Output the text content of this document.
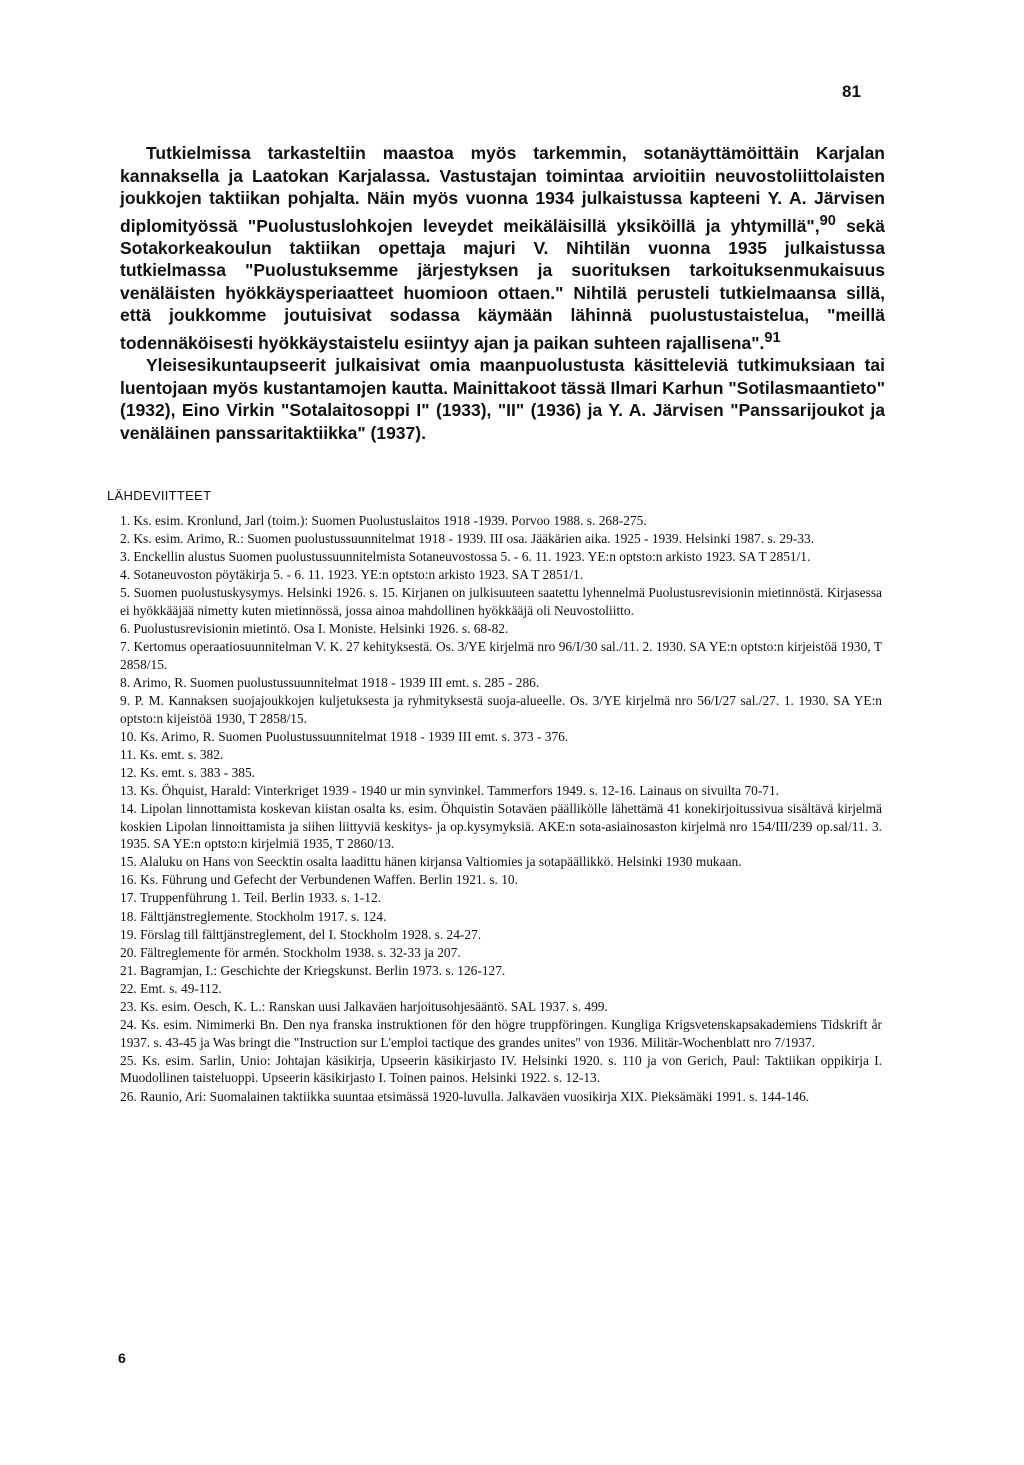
81

Tutkielmissa tarkasteltiin maastoa myös tarkemmin, sotanäyttämöittäin Karjalan kannaksella ja Laatokan Karjalassa. Vastustajan toimintaa arvioitiin neuvostoliittolaisten joukkojen taktiikan pohjalta. Näin myös vuonna 1934 julkaistussa kapteeni Y. A. Järvisen diplomityössä "Puolustuslohkojen leveydet meikäläisillä yksiköillä ja yhtymillä",$^{90}$ sekä Sotakorkeakoulun taktiikan opettaja majuri V. Nihtilän vuonna 1935 julkaistussa tutkielmassa "Puolustuksemme järjestyksen ja suorituksen tarkoituksenmukaisuus venäläisten hyökkäysperiaatteet huomioon ottaen." Nihtilä perusteli tutkielmaansa sillä, että joukkomme joutuisivat sodassa käymään lähinnä puolustustaistelua, "meillä todennäköisesti hyökkäystaistelu esiintyy ajan ja paikan suhteen rajallisena".$^{91}$

Yleisesikuntaupseerit julkaisivat omia maanpuolustusta käsitteleviä tutkimuksiaan tai luentojaan myös kustantamojen kautta. Mainittakoot tässä Ilmari Karhun "Sotilasmaantieto" (1932), Eino Virkin "Sotalaitosoppi I" (1933), "II" (1936) ja Y. A. Järvisen "Panssarijoukot ja venäläinen panssaritaktiikka" (1937).

LÄHDEVIITTEET

1. Ks. esim. Kronlund, Jarl (toim.): Suomen Puolustuslaitos 1918 -1939. Porvoo 1988. s. 268-275.

2. Ks. esim. Arimo, R.: Suomen puolustussuunnitelmat 1918 - 1939. III osa. Jääkärien aika. 1925 - 1939. Helsinki 1987. s. 29-33.

3. Enckellin alustus Suomen puolustussuunnitelmista Sotaneuvostossa 5. - 6. 11. 1923. YE:n optsto:n arkisto 1923. SA T 2851/1.

4. Sotaneuvoston pöytäkirja 5. - 6. 11. 1923. YE:n optsto:n arkisto 1923. SA T 2851/1.

5. Suomen puolustuskysymys. Helsinki 1926. s. 15. Kirjanen on julkisuuteen saatettu lyhennelmä Puolustusrevisionin mietinnöstä. Kirjasessa ei hyökkääjää nimetty kuten mietinnössä, jossa ainoa mahdollinen hyökkääjä oli Neuvostoliitto.

6. Puolustusrevisionin mietintö. Osa I. Moniste. Helsinki 1926. s. 68-82.

7. Kertomus operaatiosuunnitelman V. K. 27 kehityksestä. Os. 3/YE kirjelmä nro 96/I/30 sal./11. 2. 1930. SA YE:n optsto:n kirjeistöä 1930, T 2858/15.

8. Arimo, R. Suomen puolustussuunnitelmat 1918 - 1939 III emt. s. 285 - 286.

9. P. M. Kannaksen suojajoukkojen kuljetuksesta ja ryhmityksestä suoja-alueelle. Os. 3/YE kirjelmä nro 56/I/27 sal./27. 1. 1930. SA YE:n optsto:n kijeistöä 1930, T 2858/15.

10. Ks. Arimo, R. Suomen Puolustussuunnitelmat 1918 - 1939 III emt. s. 373 - 376.

11. Ks. emt. s. 382.

12. Ks. emt. s. 383 - 385.

13. Ks. Öhquist, Harald: Vinterkriget 1939 - 1940 ur min synvinkel. Tammerfors 1949. s. 12-16. Lainaus on sivuilta 70-71.

14. Lipolan linnottamista koskevan kiistan osalta ks. esim. Öhquistin Sotaväen päällikölle lähettämä 41 konekirjoitussivua sisältävä kirjelmä koskien Lipolan linnoittamista ja siihen liittyviä keskitys- ja op.kysymyksiä. AKE:n sota-asiainosaston kirjelmä nro 154/III/239 op.sal/11. 3. 1935. SA YE:n optsto:n kirjelmiä 1935, T 2860/13.

15. Alaluku on Hans von Seecktin osalta laadittu hänen kirjansa Valtiomies ja sotapäällikkö. Helsinki 1930 mukaan.

16. Ks. Führung und Gefecht der Verbundenen Waffen. Berlin 1921. s. 10.

17. Truppenführung 1. Teil. Berlin 1933. s. 1-12.

18. Fälttjänstreglemente. Stockholm 1917. s. 124.

19. Förslag till fälttjänstreglement, del I. Stockholm 1928. s. 24-27.

20. Fältreglemente för armén. Stockholm 1938. s. 32-33 ja 207.

21. Bagramjan, I.: Geschichte der Kriegskunst. Berlin 1973. s. 126-127.

22. Emt. s. 49-112.

23. Ks. esim. Oesch, K. L.: Ranskan uusi Jalkaväen harjoitusohjesääntö. SAL 1937. s. 499.

24. Ks. esim. Nimimerki Bn. Den nya franska instruktionen för den högre truppföringen. Kungliga Krigsvetenskapsakademiens Tidskrift år 1937. s. 43-45 ja Was bringt die "Instruction sur L'emploi tactique des grandes unites" von 1936. Militär-Wochenblatt nro 7/1937.

25. Ks. esim. Sarlin, Unio: Johtajan käsikirja, Upseerin käsikirjasto IV. Helsinki 1920. s. 110 ja von Gerich, Paul: Taktiikan oppikirja I. Muodollinen taisteluoppi. Upseerin käsikirjasto I. Toinen painos. Helsinki 1922. s. 12-13.

26. Raunio, Ari: Suomalainen taktiikka suuntaa etsimässä 1920-luvulla. Jalkaväen vuosikirja XIX. Pieksämäki 1991. s. 144-146.

6
